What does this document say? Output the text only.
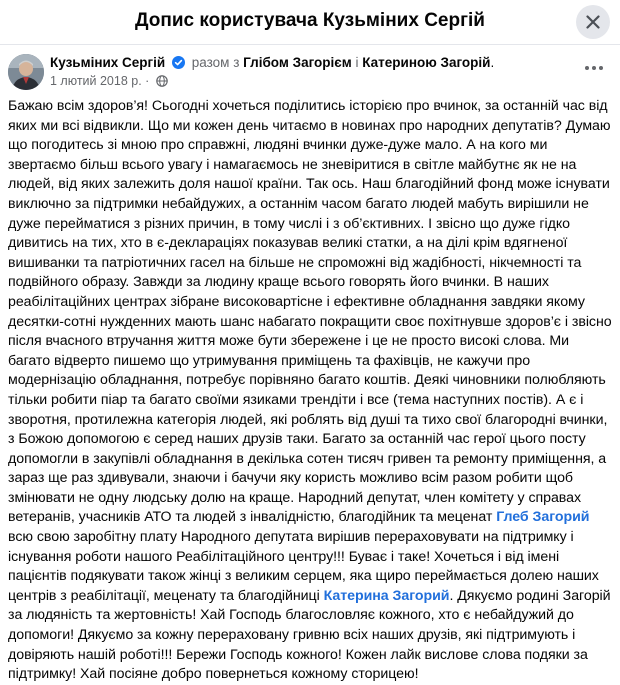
Допис користувача Кузьміних Сергій
Кузьміних Сергій разом з Глібом Загорієм і Катериною Загорій.
1 лютий 2018 р. ·

Бажаю всім здоров’я! Сьогодні хочеться поділитись історією про вчинок, за останній час від яких ми всі відвикли. Що ми кожен день читаємо в новинах про народних депутатів? Думаю що погодитесь зі мною про справжні, людяні вчинки дуже-дуже мало. А на кого ми звертаємо більш всього увагу і намагаємось не зневiритися в світле майбутнє як не на людей, від яких залежить доля нашої країни. Так ось. Наш благодійний фонд може існувати виключно за підтримки небайдужих, а останнім часом багато людей мабуть вирішили не дуже перейматися з різних причин, в тому числі і з об’єктивних. І звісно що дуже гідко дивитись на тих, хто в є-деклараціях показував великі статки, а на ділі крім вдягненої вишиванки та патріотичних гасел на більше не спроможні від жадібності, нікчемності та подвійного образу. Завжди за людину краще всього говорять його вчинки. В наших реабілітаційних центрах зібране високовартісне і ефективне обладнання завдяки якому десятки-сотні нужденних мають шанс набагато покращити своє похітнувше здоров’є і звісно після вчасного втручання життя може бути збережене і це не просто високі слова. Ми багато відверто пишемо що утримування приміщень та фахівців, не кажучи про модернізацію обладнання, потребує порівняно багато коштів. Деякі чиновники полюбляють тільки робити піар та багато своїми язиками трендіти і все (тема наступних постів). А є і зворотня, протилежна категорія людей, які роблять від душі та тихо свої благородні вчинки, з Божою допомогою є серед наших друзів таки. Багато за останній час герої цього посту допомогли в закупівлі обладнання в декілька сотен тисяч гривен та ремонту приміщення, а зараз ще раз здивували, знаючи і бачучи яку користь можливо всім разом робити щоб змінювати не одну людську долю на краще. Народний депутат, член комітету у справах ветеранів, учасників АТО та людей з інвалідністю, благодійник та меценат Глеб Загорий всю свою заробітну плату Народного депутата вирішив перераховувати на підтримку і існування роботи нашого Реабілітаційного центру!!! Буває і таке! Хочеться і від імені пацієнтів подякувати також жінці з великим серцем, яка щиро переймається долею наших центрів з реабілітації, меценату та благодійниці Катерина Загорий. Дякуємо родині Загорій за людяність та жертовність! Хай Господь благословляє кожного, хто є небайдужий до допомоги! Дякуємо за кожну перераховану гривню всіх наших друзів, які підтримують і довіряють нашій роботі!!! Бережи Господь кожного! Кожен лайк вислове слова подяки за підтримку! Хай посіяне добро повернеться кожному сторицею!
